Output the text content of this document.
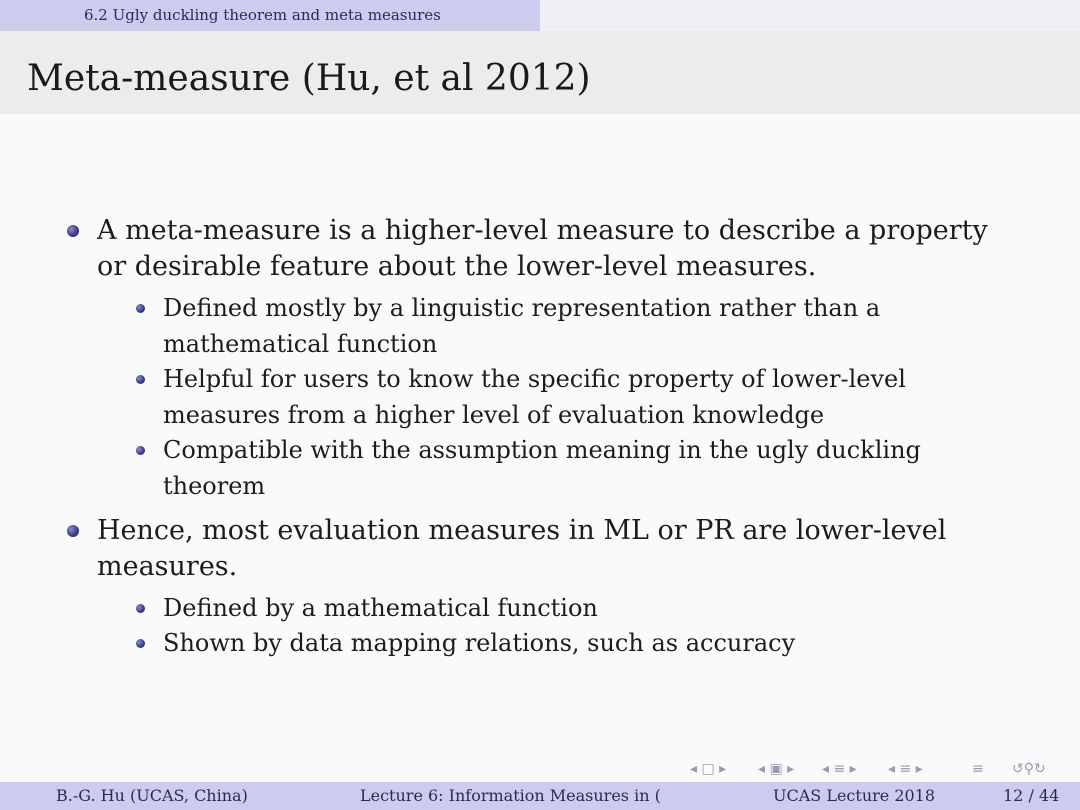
6.2 Ugly duckling theorem and meta measures
Meta-measure (Hu, et al 2012)
A meta-measure is a higher-level measure to describe a property
or desirable feature about the lower-level measures.
Defined mostly by a linguistic representation rather than a
mathematical function
Helpful for users to know the specific property of lower-level
measures from a higher level of evaluation knowledge
Compatible with the assumption meaning in the ugly duckling
theorem
Hence, most evaluation measures in ML or PR are lower-level
measures.
Defined by a mathematical function
Shown by data mapping relations, such as accuracy
◂ □ ▸ ◂ ▣ ▸ ◂ ≡ ▸ ◂ ≡ ▸	≡ ↺⚲↻
B.-G. Hu (UCAS, China)	Lecture 6: Information Measures in (	UCAS Lecture 2018	12 / 44
